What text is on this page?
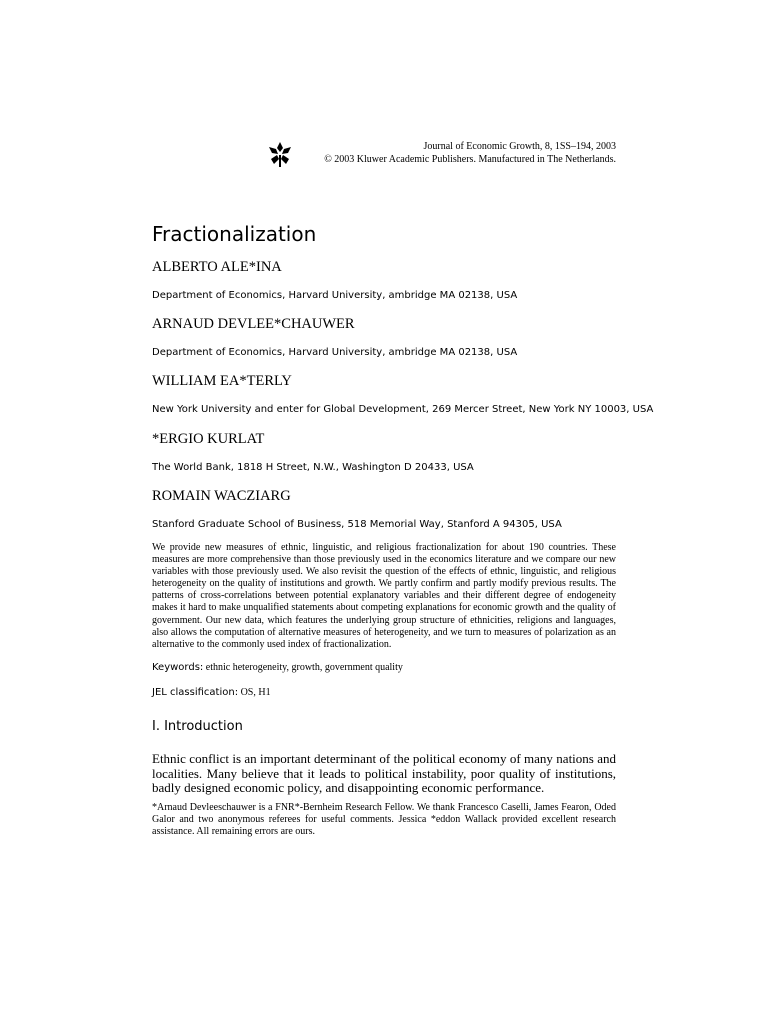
Journal of Economic Growth, 8, 1SS–194, 2003
© 2003 Kluwer Academic Publishers. Manufactured in The Netherlands.
Fractionalization

ALBERTO ALE*INA

Department of Economics, Harvard University, ambridge MA 02138, USA

ARNAUD DEVLEE*CHAUWER

Department of Economics, Harvard University, ambridge MA 02138, USA

WILLIAM EA*TERLY

New York University and enter for Global Development, 269 Mercer Street, New York NY 10003, USA

*ERGIO KURLAT

The World Bank, 1818 H Street, N.W., Washington D 20433, USA

ROMAIN WACZIARG

Stanford Graduate School of Business, 518 Memorial Way, Stanford A 94305, USA

We provide new measures of ethnic, linguistic, and religious fractionalization for about 190 countries. These measures are more comprehensive than those previously used in the economics literature and we compare our new variables with those previously used. We also revisit the question of the effects of ethnic, linguistic, and religious heterogeneity on the quality of institutions and growth. We partly confirm and partly modify previous results. The patterns of cross-correlations between potential explanatory variables and their different degree of endogeneity makes it hard to make unqualified statements about competing explanations for economic growth and the quality of government. Our new data, which features the underlying group structure of ethnicities, religions and languages, also allows the computation of alternative measures of heterogeneity, and we turn to measures of polarization as an alternative to the commonly used index of fractionalization.

Keywords: ethnic heterogeneity, growth, government quality
JEL classification: OS, H1
I. Introduction

Ethnic conflict is an important determinant of the political economy of many nations and localities. Many believe that it leads to political instability, poor quality of institutions, badly designed economic policy, and disappointing economic performance.

*Arnaud Devleeschauwer is a FNR*-Bernheim Research Fellow. We thank Francesco Caselli, James Fearon, Oded Galor and two anonymous referees for useful comments. Jessica *eddon Wallack provided excellent research assistance. All remaining errors are ours.
